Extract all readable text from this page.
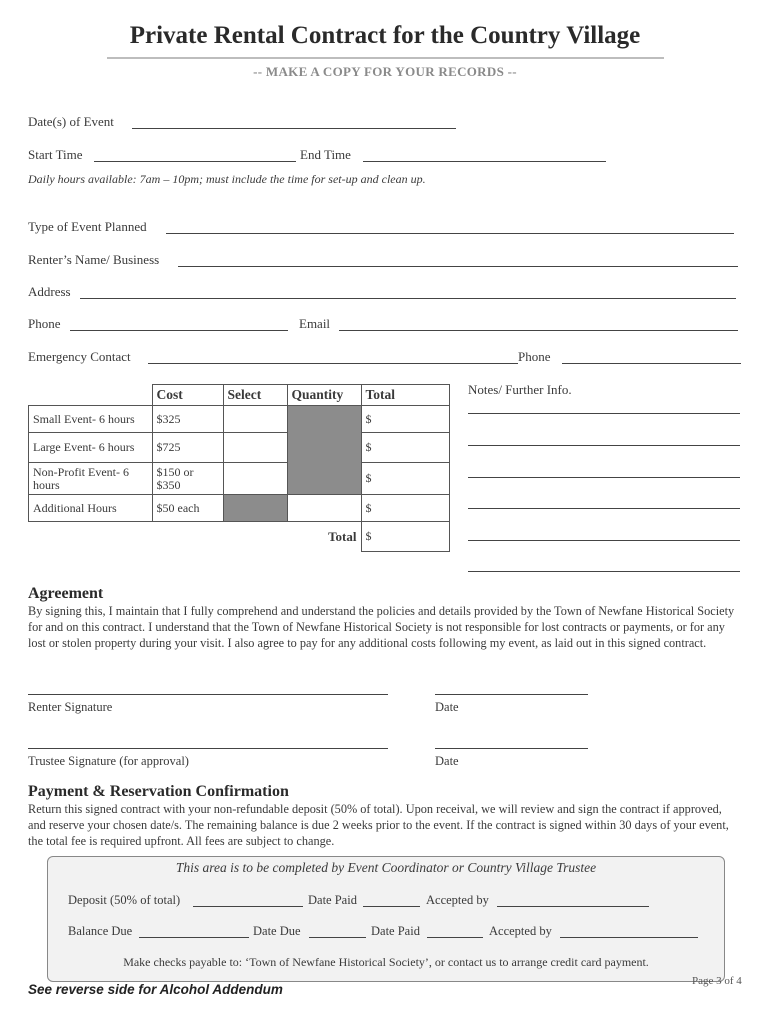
Private Rental Contract for the Country Village
-- MAKE A COPY FOR YOUR RECORDS --
Date(s) of Event
Start Time	End Time
Daily hours available: 7am – 10pm; must include the time for set-up and clean up.
Type of Event Planned
Renter’s Name/ Business
Address
Phone	Email
Emergency Contact	Phone
	Cost	Select	Quantity	Total
Small Event- 6 hours	$325			$
Large Event- 6 hours	$725			$
Non-Profit Event- 6 hours	$150 or $350			$
Additional Hours	$50 each			$
Total				$
Notes/ Further Info.
Agreement
By signing this, I maintain that I fully comprehend and understand the policies and details provided by the Town of Newfane Historical Society for and on this contract. I understand that the Town of Newfane Historical Society is not responsible for lost contracts or payments, or for any lost or stolen property during your visit. I also agree to pay for any additional costs following my event, as laid out in this signed contract.
Renter Signature	Date
Trustee Signature (for approval)	Date
Payment & Reservation Confirmation
Return this signed contract with your non-refundable deposit (50% of total). Upon receival, we will review and sign the contract if approved, and reserve your chosen date/s. The remaining balance is due 2 weeks prior to the event. If the contract is signed within 30 days of your event, the total fee is required upfront. All fees are subject to change.
This area is to be completed by Event Coordinator or Country Village Trustee
Deposit (50% of total)	Date Paid	Accepted by
Balance Due	Date Due	Date Paid	Accepted by
Make checks payable to: ‘Town of Newfane Historical Society’, or contact us to arrange credit card payment.
See reverse side for Alcohol Addendum
Page 3 of 4
